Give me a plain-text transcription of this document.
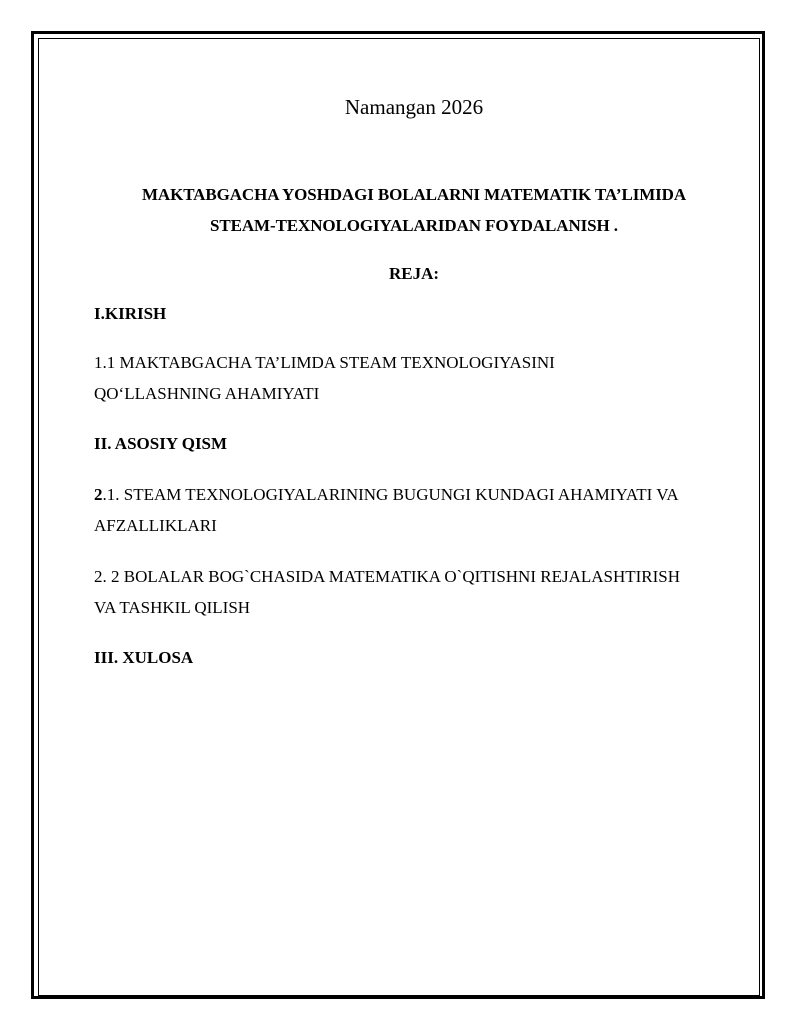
Namangan 2026
MAKTABGACHA YOSHDAGI BOLALARNI MATEMATIK TA’LIMIDA
STEAM-TEXNOLOGIYALARIDAN FOYDALANISH .
REJA:
I.KIRISH
1.1 MAKTABGACHA TA’LIMDA STEAM TEXNOLOGIYASINI
QO‘LLASHNING AHAMIYATI
II. ASOSIY QISM
2.1. STEAM TEXNOLOGIYALARINING BUGUNGI KUNDAGI AHAMIYATI VA
AFZALLIKLARI
2. 2 BOLALAR BOG`CHASIDA MATEMATIKA O`QITISHNI REJALASHTIRISH
VA TASHKIL QILISH
III. XULOSA
